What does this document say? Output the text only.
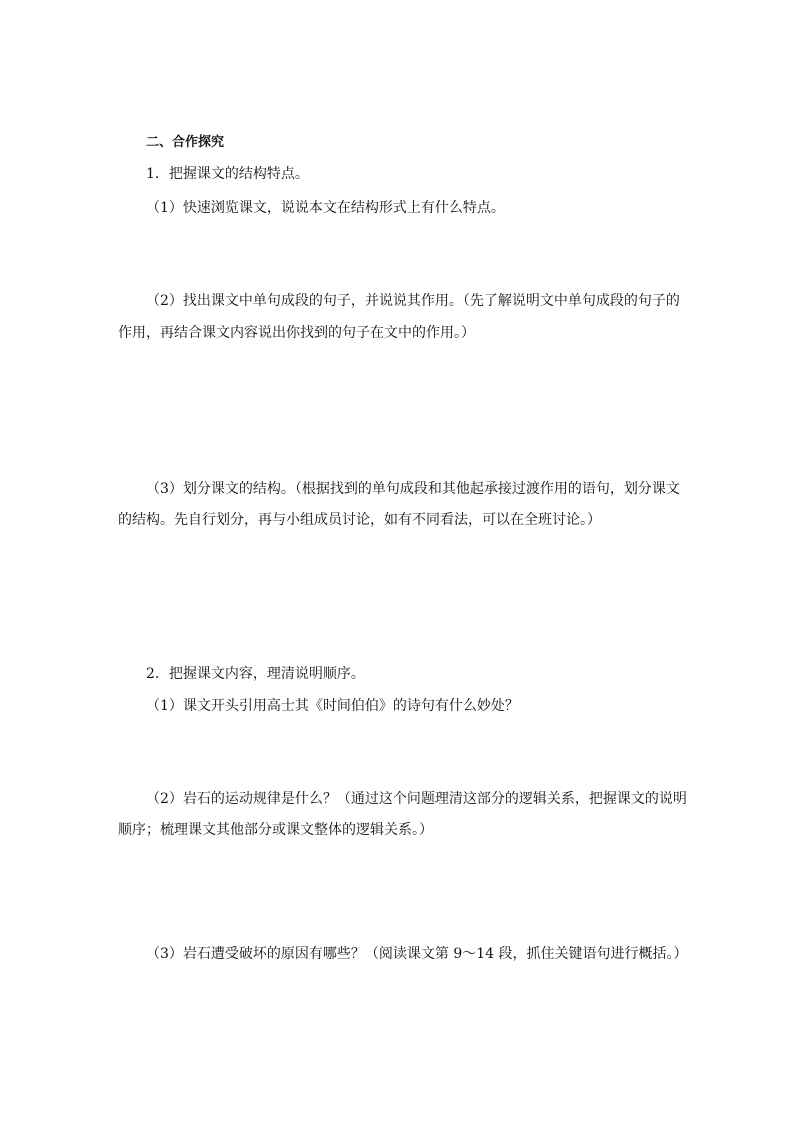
二、合作探究
1．把握课文的结构特点。
（1）快速浏览课文，说说本文在结构形式上有什么特点。
（2）找出课文中单句成段的句子，并说说其作用。（先了解说明文中单句成段的句子的
作用，再结合课文内容说出你找到的句子在文中的作用。）
（3）划分课文的结构。（根据找到的单句成段和其他起承接过渡作用的语句，划分课文
的结构。先自行划分，再与小组成员讨论，如有不同看法，可以在全班讨论。）
2．把握课文内容，理清说明顺序。
（1）课文开头引用高士其《时间伯伯》的诗句有什么妙处？
（2）岩石的运动规律是什么？（通过这个问题理清这部分的逻辑关系，把握课文的说明
顺序；梳理课文其他部分或课文整体的逻辑关系。）
（3）岩石遭受破坏的原因有哪些？（阅读课文第 9～14 段，抓住关键语句进行概括。）
